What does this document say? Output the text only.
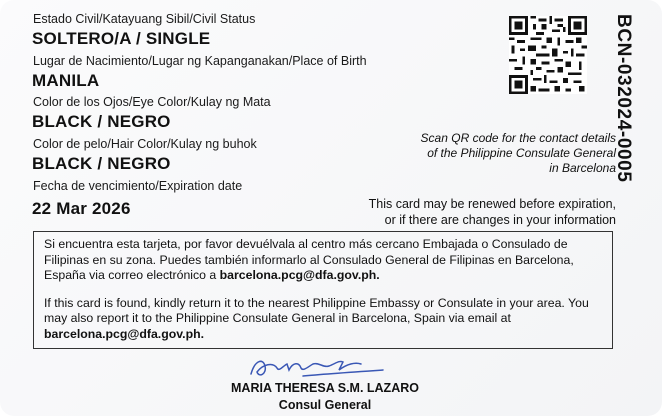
Estado Civil/Katayuang Sibil/Civil Status
SOLTERO/A / SINGLE
Lugar de Nacimiento/Lugar ng Kapanganakan/Place of Birth
MANILA
Color de los Ojos/Eye Color/Kulay ng Mata
BLACK / NEGRO
Color de pelo/Hair Color/Kulay ng buhok
BLACK / NEGRO
Fecha de vencimiento/Expiration date
22 Mar 2026
Scan QR code for the contact details
of the Philippine Consulate General
in Barcelona
BCN-032024-0005
This card may be renewed before expiration,
or if there are changes in your information

Si encuentra esta tarjeta, por favor devuélvala al centro más cercano Embajada o Consulado de Filipinas en su zona. Puedes también informarlo al Consulado General de Filipinas en Barcelona, España via correo electrónico a barcelona.pcg@dfa.gov.ph.

If this card is found, kindly return it to the nearest Philippine Embassy or Consulate in your area. You may also report it to the Philippine Consulate General in Barcelona, Spain via email at barcelona.pcg@dfa.gov.ph.

MARIA THERESA S.M. LAZARO
Consul General
